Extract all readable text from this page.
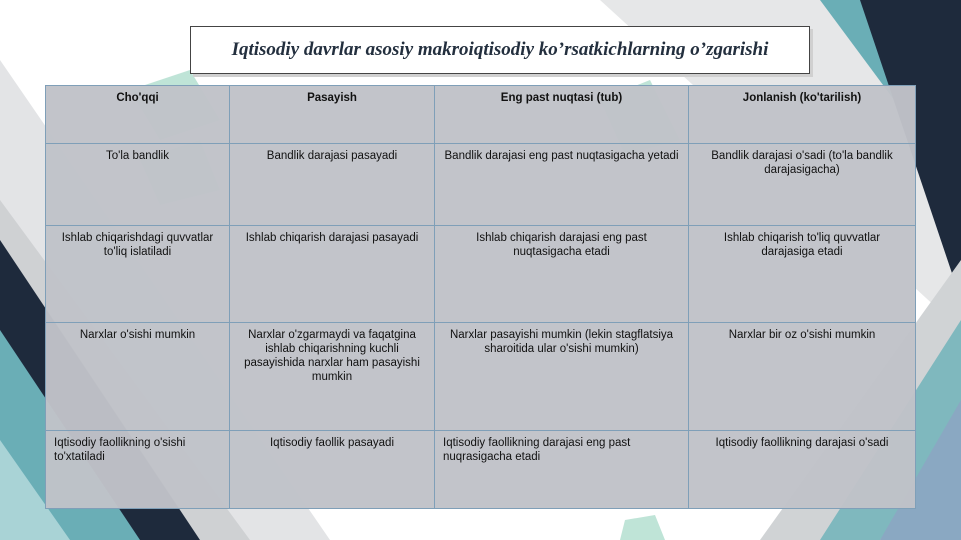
Iqtisodiy davrlar asosiy makroiqtisodiy ko’rsatkichlarning o’zgarishi
Cho'qqi	Pasayish	Eng past nuqtasi (tub)	Jonlanish (ko'tarilish)
To'la bandlik	Bandlik darajasi pasayadi	Bandlik darajasi eng past nuqtasigacha yetadi	Bandlik darajasi o'sadi (to'la bandlik darajasigacha)
Ishlab chiqarishdagi quvvatlar to'liq islatiladi	Ishlab chiqarish darajasi pasayadi	Ishlab chiqarish darajasi eng past nuqtasigacha etadi	Ishlab chiqarish to'liq quvvatlar darajasiga etadi
Narxlar o'sishi mumkin	Narxlar o'zgarmaydi va faqatgina ishlab chiqarishning kuchli pasayishida narxlar ham pasayishi mumkin	Narxlar pasayishi mumkin (lekin stagflatsiya sharoitida ular o'sishi mumkin)	Narxlar bir oz o'sishi mumkin
Iqtisodiy faollikning o'sishi to'xtatiladi	Iqtisodiy faollik pasayadi	Iqtisodiy faollikning darajasi eng past nuqrasigacha etadi	Iqtisodiy faollikning darajasi o'sadi
